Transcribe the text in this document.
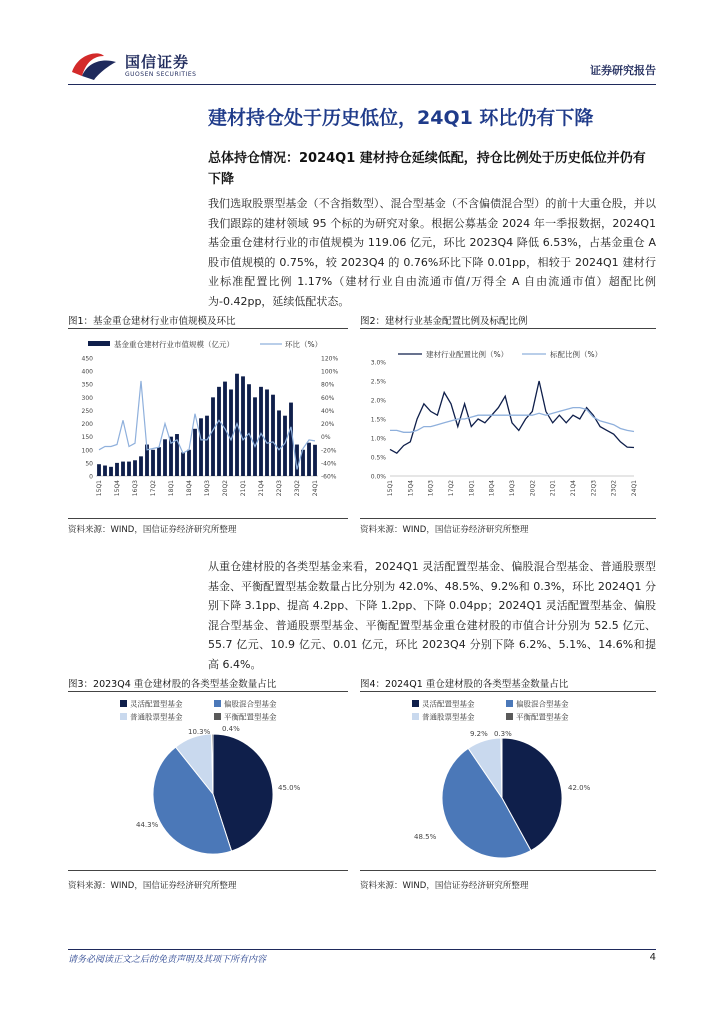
国信证券
GUOSEN SECURITIES	证券研究报告
建材持仓处于历史低位，24Q1 环比仍有下降
总体持仓情况：2024Q1 建材持仓延续低配，持仓比例处于历史低位并仍有下降
我们选取股票型基金（不含指数型）、混合型基金（不含偏债混合型）的前十大重仓股，并以我们跟踪的建材领域 95 个标的为研究对象。根据公募基金 2024 年一季报数据，2024Q1 基金重仓建材行业的市值规模为 119.06 亿元，环比 2023Q4 降低 6.53%，占基金重仓 A 股市值规模的 0.75%，较 2023Q4 的 0.76%环比下降 0.01pp，相较于 2024Q1 建材行业标准配置比例 1.17%（建材行业自由流通市值/万得全 A 自由流通市值）超配比例为-0.42pp，延续低配状态。
图1：基金重仓建材行业市值规模及环比	图2：建材行业基金配置比例及标配比例
基金重仓建材行业市值规模（亿元）	环比（%）
0
50
100
150
200
250
300
350
400
450
-60%
-40%
-20%
0%
20%
40%
60%
80%
100%
120%
15Q1 15Q4 16Q3 17Q2 18Q1 18Q4 19Q3 20Q2 21Q1 21Q4 22Q3 23Q2 24Q1
建材行业配置比例（%）	标配比例（%）
0.0%
0.5%
1.0%
1.5%
2.0%
2.5%
3.0%
15Q1 15Q4 16Q3 17Q2 18Q1 18Q4 19Q3 20Q2 21Q1 21Q4 22Q3 23Q2 24Q1
资料来源：WIND，国信证券经济研究所整理	资料来源：WIND，国信证券经济研究所整理
从重仓建材股的各类型基金来看，2024Q1 灵活配置型基金、偏股混合型基金、普通股票型基金、平衡配置型基金数量占比分别为 42.0%、48.5%、9.2%和 0.3%，环比 2024Q1 分别下降 3.1pp、提高 4.2pp、下降 1.2pp、下降 0.04pp；2024Q1 灵活配置型基金、偏股混合型基金、普通股票型基金、平衡配置型基金重仓建材股的市值合计分别为 52.5 亿元、55.7 亿元、10.9 亿元、0.01 亿元，环比 2023Q4 分别下降 6.2%、5.1%、14.6%和提高 6.4%。
图3：2023Q4 重仓建材股的各类型基金数量占比	图4：2024Q1 重仓建材股的各类型基金数量占比
灵活配置型基金	偏股混合型基金
普通股票型基金	平衡配置型基金
45.0%
44.3%
10.3% 0.4%
灵活配置型基金	偏股混合型基金
普通股票型基金	平衡配置型基金
42.0%
48.5%
9.2% 0.3%
资料来源：WIND，国信证券经济研究所整理	资料来源：WIND，国信证券经济研究所整理
请务必阅读正文之后的免责声明及其项下所有内容	4
